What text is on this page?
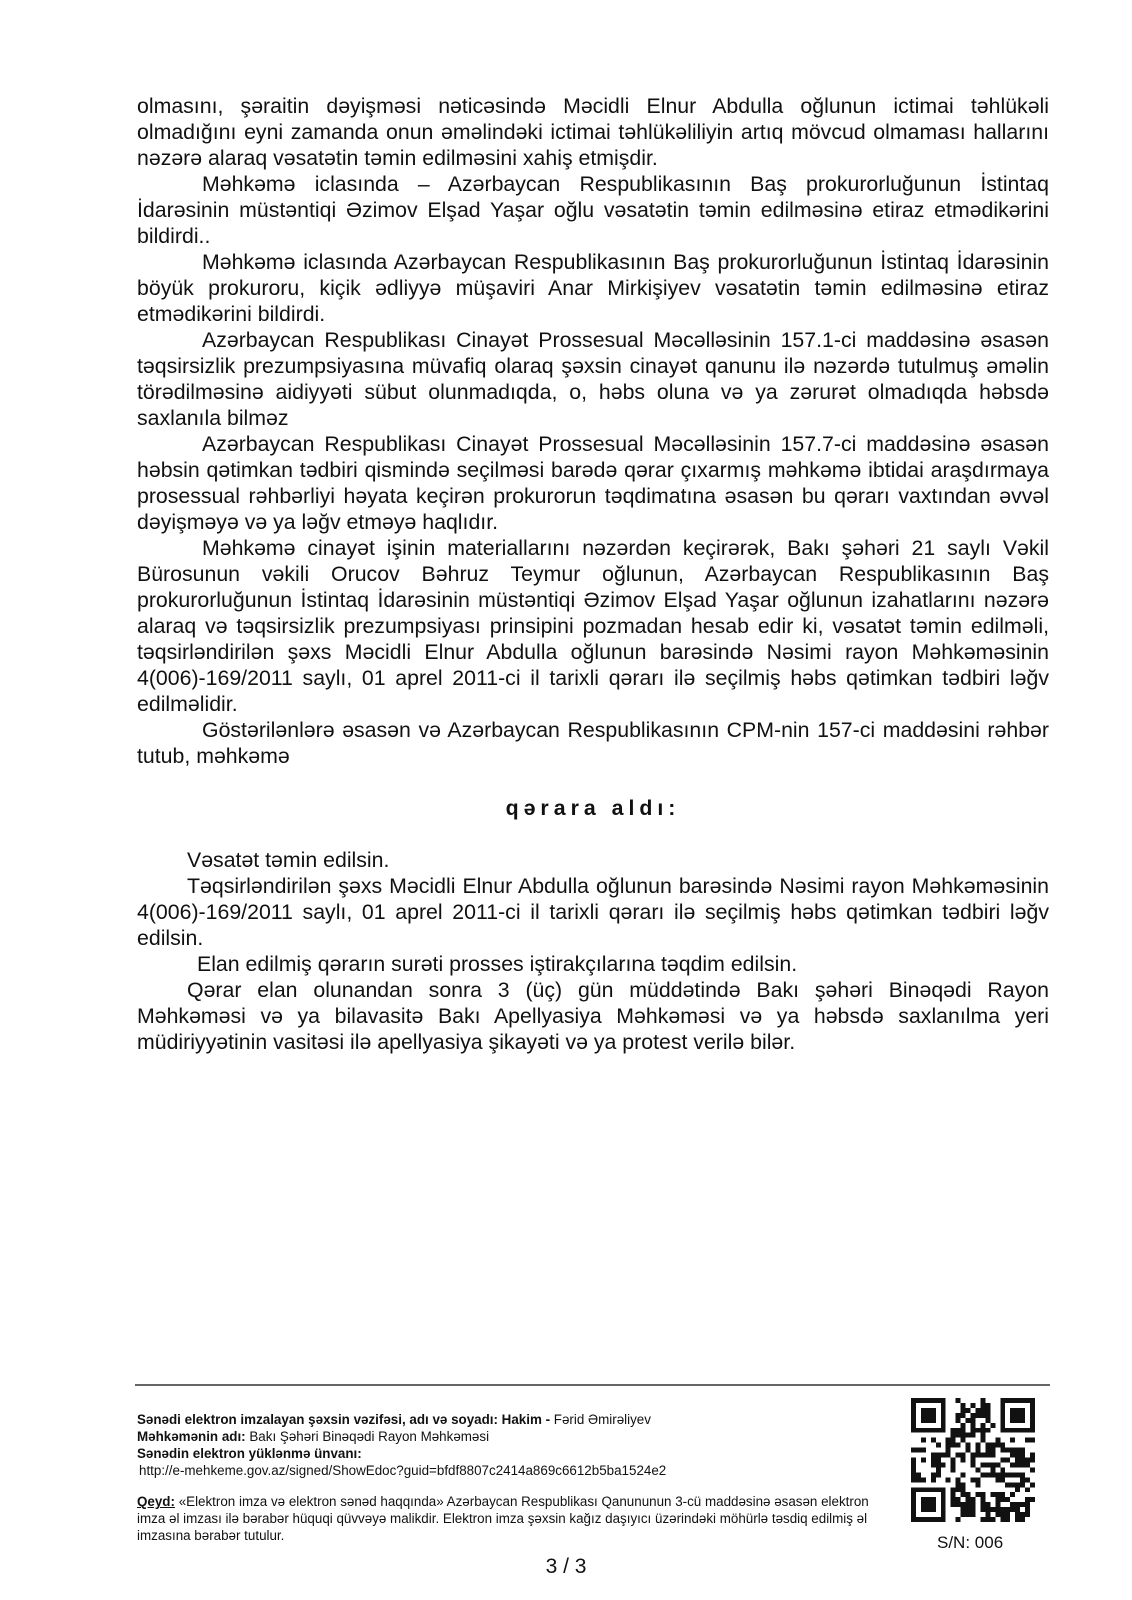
olmasını, şəraitin dəyişməsi nəticəsində Məcidli Elnur Abdulla oğlunun ictimai təhlükəli olmadığını eyni zamanda onun əməlindəki ictimai təhlükəliliyin artıq mövcud olmaması hallarını nəzərə alaraq vəsatətin təmin edilməsini xahiş etmişdir.

Məhkəmə iclasında – Azərbaycan Respublikasının Baş prokurorluğunun İstintaq İdarəsinin müstəntiqi Əzimov Elşad Yaşar oğlu vəsatətin təmin edilməsinə etiraz etmədikərini bildirdi..

Məhkəmə iclasında Azərbaycan Respublikasının Baş prokurorluğunun İstintaq İdarəsinin böyük prokuroru, kiçik ədliyyə müşaviri Anar Mirkişiyev vəsatətin təmin edilməsinə etiraz etmədikərini bildirdi.

Azərbaycan Respublikası Cinayət Prossesual Məcəlləsinin 157.1-ci maddəsinə əsasən təqsirsizlik prezumpsiyasına müvafiq olaraq şəxsin cinayət qanunu ilə nəzərdə tutulmuş əməlin törədilməsinə aidiyyəti sübut olunmadıqda, o, həbs oluna və ya zərurət olmadıqda həbsdə saxlanıla bilməz

Azərbaycan Respublikası Cinayət Prossesual Məcəlləsinin 157.7-ci maddəsinə əsasən həbsin qətimkan tədbiri qismində seçilməsi barədə qərar çıxarmış məhkəmə ibtidai araşdırmaya prosessual rəhbərliyi həyata keçirən prokurorun təqdimatına əsasən bu qərarı vaxtından əvvəl dəyişməyə və ya ləğv etməyə haqlıdır.

Məhkəmə cinayət işinin materiallarını nəzərdən keçirərək, Bakı şəhəri 21 saylı Vəkil Bürosunun vəkili Orucov Bəhruz Teymur oğlunun, Azərbaycan Respublikasının Baş prokurorluğunun İstintaq İdarəsinin müstəntiqi Əzimov Elşad Yaşar oğlunun izahatlarını nəzərə alaraq və təqsirsizlik prezumpsiyası prinsipini pozmadan hesab edir ki, vəsatət təmin edilməli, təqsirləndirilən şəxs Məcidli Elnur Abdulla oğlunun barəsində Nəsimi rayon Məhkəməsinin 4(006)-169/2011 saylı, 01 aprel 2011-ci il tarixli qərarı ilə seçilmiş həbs qətimkan tədbiri ləğv edilməlidir.

Göstərilənlərə əsasən və Azərbaycan Respublikasının CPM-nin 157-ci maddəsini rəhbər tutub, məhkəmə

qərara aldı:

Vəsatət təmin edilsin.

Təqsirləndirilən şəxs Məcidli Elnur Abdulla oğlunun barəsində Nəsimi rayon Məhkəməsinin 4(006)-169/2011 saylı, 01 aprel 2011-ci il tarixli qərarı ilə seçilmiş həbs qətimkan tədbiri ləğv edilsin.

Elan edilmiş qərarın surəti prosses iştirakçılarına təqdim edilsin.

Qərar elan olunandan sonra 3 (üç) gün müddətində Bakı şəhəri Binəqədi Rayon Məhkəməsi və ya bilavasitə Bakı Apellyasiya Məhkəməsi və ya həbsdə saxlanılma yeri müdiriyyətinin vasitəsi ilə apellyasiya şikayəti və ya protest verilə bilər.

Sənədi elektron imzalayan şəxsin vəzifəsi, adı və soyadı: Hakim - Fərid Əmirəliyev

Məhkəmənin adı: Bakı Şəhəri Binəqədi Rayon Məhkəməsi

Sənədin elektron yüklənmə ünvanı:

http://e-mehkeme.gov.az/signed/ShowEdoc?guid=bfdf8807c2414a869c6612b5ba1524e2

Qeyd: «Elektron imza və elektron sənəd haqqında» Azərbaycan Respublikası Qanununun 3-cü maddəsinə əsasən elektron imza əl imzası ilə bərabər hüquqi qüvvəyə malikdir. Elektron imza şəxsin kağız daşıyıcı üzərindəki möhürlə təsdiq edilmiş əl imzasına bərabər tutulur.	S/N: 006
3 / 3
